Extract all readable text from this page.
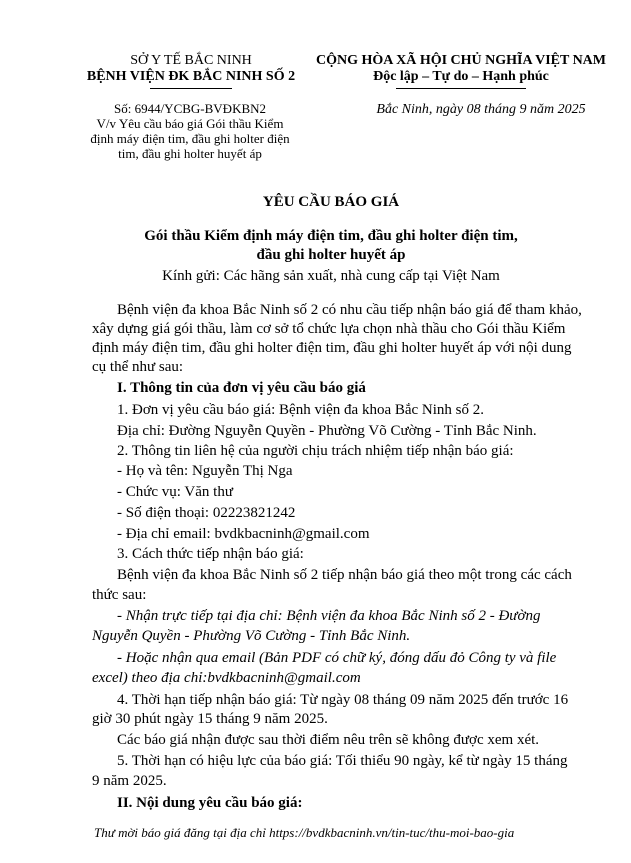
SỞ Y TẾ BẮC NINH
BỆNH VIỆN ĐK BẮC NINH SỐ 2
Số: 6944/YCBG-BVĐKBN2
V/v Yêu cầu báo giá Gói thầu Kiểm
định máy điện tim, đầu ghi holter điện
tim, đầu ghi holter huyết áp
CỘNG HÒA XÃ HỘI CHỦ NGHĨA VIỆT NAM
Độc lập – Tự do – Hạnh phúc
Bắc Ninh, ngày 08 tháng 9 năm 2025
YÊU CẦU BÁO GIÁ
Gói thầu Kiểm định máy điện tim, đầu ghi holter điện tim,
đầu ghi holter huyết áp
Kính gửi: Các hãng sản xuất, nhà cung cấp tại Việt Nam
Bệnh viện đa khoa Bắc Ninh số 2 có nhu cầu tiếp nhận báo giá để tham khảo,
xây dựng giá gói thầu, làm cơ sở tổ chức lựa chọn nhà thầu cho Gói thầu Kiểm
định máy điện tim, đầu ghi holter điện tim, đầu ghi holter huyết áp với nội dung
cụ thể như sau:
I. Thông tin của đơn vị yêu cầu báo giá
1. Đơn vị yêu cầu báo giá: Bệnh viện đa khoa Bắc Ninh số 2.
Địa chỉ: Đường Nguyễn Quyền - Phường Võ Cường - Tỉnh Bắc Ninh.
2. Thông tin liên hệ của người chịu trách nhiệm tiếp nhận báo giá:
- Họ và tên: Nguyễn Thị Nga
- Chức vụ: Văn thư
- Số điện thoại: 02223821242
- Địa chỉ email: bvdkbacninh@gmail.com
3. Cách thức tiếp nhận báo giá:
Bệnh viện đa khoa Bắc Ninh số 2 tiếp nhận báo giá theo một trong các cách
thức sau:
- Nhận trực tiếp tại địa chỉ: Bệnh viện đa khoa Bắc Ninh số 2 - Đường
Nguyễn Quyền - Phường Võ Cường - Tỉnh Bắc Ninh.
- Hoặc nhận qua email (Bản PDF có chữ ký, đóng dấu đỏ Công ty và file
excel) theo địa chỉ:bvdkbacninh@gmail.com
4. Thời hạn tiếp nhận báo giá: Từ ngày 08 tháng 09 năm 2025 đến trước 16
giờ 30 phút ngày 15 tháng 9 năm 2025.
Các báo giá nhận được sau thời điểm nêu trên sẽ không được xem xét.
5. Thời hạn có hiệu lực của báo giá: Tối thiểu 90 ngày, kể từ ngày 15 tháng
9 năm 2025.
II. Nội dung yêu cầu báo giá:
Thư mời báo giá đăng tại địa chỉ https://bvdkbacninh.vn/tin-tuc/thu-moi-bao-gia
